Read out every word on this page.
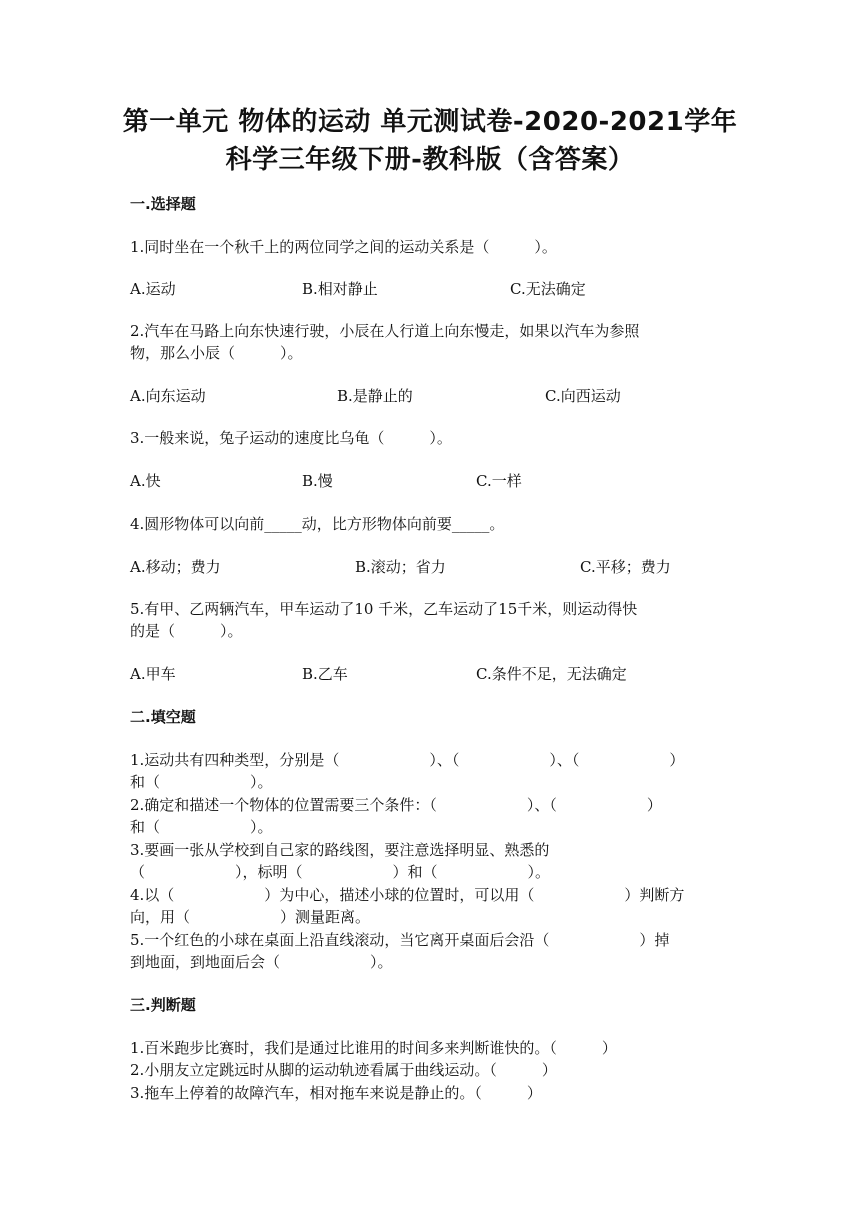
第一单元 物体的运动 单元测试卷-2020-2021学年
科学三年级下册-教科版（含答案）
一.选择题
1.同时坐在一个秋千上的两位同学之间的运动关系是（　　　）。
A.运动	B.相对静止	C.无法确定
2.汽车在马路上向东快速行驶，小辰在人行道上向东慢走，如果以汽车为参照
物，那么小辰（　　　）。
A.向东运动	B.是静止的	C.向西运动
3.一般来说，兔子运动的速度比乌龟（　　　）。
A.快	B.慢	C.一样
4.圆形物体可以向前_____动，比方形物体向前要_____。
A.移动；费力	B.滚动；省力	C.平移；费力
5.有甲、乙两辆汽车，甲车运动了10 千米，乙车运动了15千米，则运动得快
的是（　　　）。
A.甲车	B.乙车	C.条件不足，无法确定
二.填空题
1.运动共有四种类型，分别是（　　　　　　）、（　　　　　　）、（　　　　　　）
和（　　　　　　）。
2.确定和描述一个物体的位置需要三个条件：（　　　　　　）、（　　　　　　）
和（　　　　　　）。
3.要画一张从学校到自己家的路线图，要注意选择明显、熟悉的
（　　　　　　），标明（　　　　　　）和（　　　　　　）。
4.以（　　　　　　）为中心，描述小球的位置时，可以用（　　　　　　）判断方
向，用（　　　　　　）测量距离。
5.一个红色的小球在桌面上沿直线滚动，当它离开桌面后会沿（　　　　　　）掉
到地面，到地面后会（　　　　　　）。
三.判断题
1.百米跑步比赛时，我们是通过比谁用的时间多来判断谁快的。（　　　）
2.小朋友立定跳远时从脚的运动轨迹看属于曲线运动。（　　　）
3.拖车上停着的故障汽车，相对拖车来说是静止的。（　　　）
